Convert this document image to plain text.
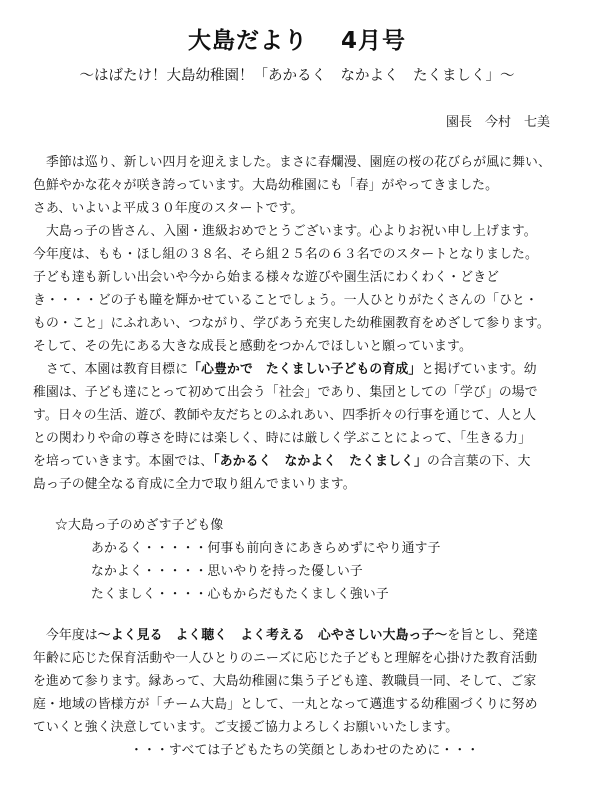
大島だより　 4月号
～はばたけ！大島幼稚園！「あかるく　なかよく　たくましく」～
園長　今村　七美
季節は巡り、新しい四月を迎えました。まさに春爛漫、園庭の桜の花びらが風に舞い、
色鮮やかな花々が咲き誇っています。大島幼稚園にも「春」がやってきました。
さあ、いよいよ平成３０年度のスタートです。
大島っ子の皆さん、入園・進級おめでとうございます。心よりお祝い申し上げます。
今年度は、もも・ほし組の３８名、そら組２５名の６３名でのスタートとなりました。
子ども達も新しい出会いや今から始まる様々な遊びや園生活にわくわく・どきど
き・・・・どの子も瞳を輝かせていることでしょう。一人ひとりがたくさんの「ひと・
もの・こと」にふれあい、つながり、学びあう充実した幼稚園教育をめざして参ります。
そして、その先にある大きな成長と感動をつかんでほしいと願っています。
さて、本園は教育目標に「心豊かで　たくましい子どもの育成」と掲げています。幼
稚園は、子ども達にとって初めて出会う「社会」であり、集団としての「学び」の場で
す。日々の生活、遊び、教師や友だちとのふれあい、四季折々の行事を通じて、人と人
との関わりや命の尊さを時には楽しく、時には厳しく学ぶことによって、「生きる力」
を培っていきます。本園では、「あかるく　なかよく　たくましく」の合言葉の下、大
島っ子の健全なる育成に全力で取り組んでまいります。
☆大島っ子のめざす子ども像
あかるく・・・・・何事も前向きにあきらめずにやり通す子
なかよく・・・・・思いやりを持った優しい子
たくましく・・・・心もからだもたくましく強い子
今年度は～よく見る　よく聴く　よく考える　心やさしい大島っ子～を旨とし、発達
年齢に応じた保育活動や一人ひとりのニーズに応じた子どもと理解を心掛けた教育活動
を進めて参ります。縁あって、大島幼稚園に集う子ども達、教職員一同、そして、ご家
庭・地域の皆様方が「チーム大島」として、一丸となって邁進する幼稚園づくりに努め
ていくと強く決意しています。ご支援ご協力よろしくお願いいたします。
・・・すべては子どもたちの笑顔としあわせのために・・・
